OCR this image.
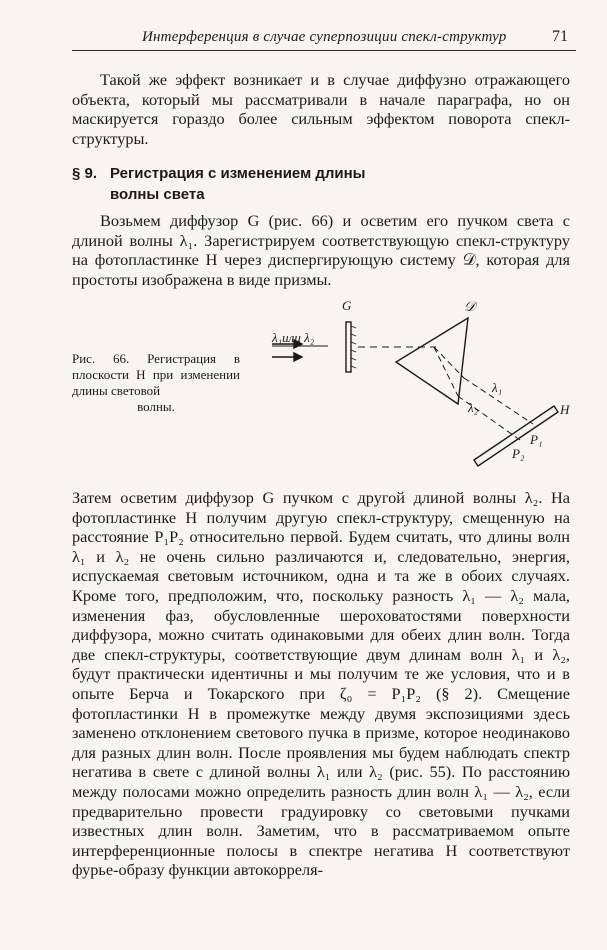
Интерференция в случае суперпозиции спекл-структур	71

Такой же эффект возникает и в случае диффузно отражающего объекта, который мы рассматривали в начале параграфа, но он маскируется гораздо более сильным эффектом поворота спекл-структуры.

§ 9. Регистрация с изменением длины
волны света

Возьмем диффузор G (рис. 66) и осветим его пучком света с длиной волны λ₁. Зарегистрируем соответствующую спекл-структуру на фотопластинке H через диспергирующую систему 𝒟, которая для простоты изображена в виде призмы.

Рис. 66. Регистрация в плоскости H при изменении длины световой
волны.
λ₁или λ₂
G	𝒟
λ₁
λ₂	H
P₁
P₂

Затем осветим диффузор G пучком с другой длиной волны λ₂. На фотопластинке H получим другую спекл-структуру, смещенную на расстояние P₁P₂ относительно первой. Будем считать, что длины волн λ₁ и λ₂ не очень сильно различаются и, следовательно, энергия, испускаемая световым источником, одна и та же в обоих случаях. Кроме того, предположим, что, поскольку разность λ₁ — λ₂ мала, изменения фаз, обусловленные шероховатостями поверхности диффузора, можно считать одинаковыми для обеих длин волн. Тогда две спекл-структуры, соответствующие двум длинам волн λ₁ и λ₂, будут практически идентичны и мы получим те же условия, что и в опыте Берча и Токарского при ζ₀ = P₁P₂ (§ 2). Смещение фотопластинки H в промежутке между двумя экспозициями здесь заменено отклонением светового пучка в призме, которое неодинаково для разных длин волн. После проявления мы будем наблюдать спектр негатива в свете с длиной волны λ₁ или λ₂ (рис. 55). По расстоянию между полосами можно определить разность длин волн λ₁ — λ₂, если предварительно провести градуировку со световыми пучками известных длин волн. Заметим, что в рассматриваемом опыте интерференционные полосы в спектре негатива H соответствуют фурье-образу функции автокорреля-
